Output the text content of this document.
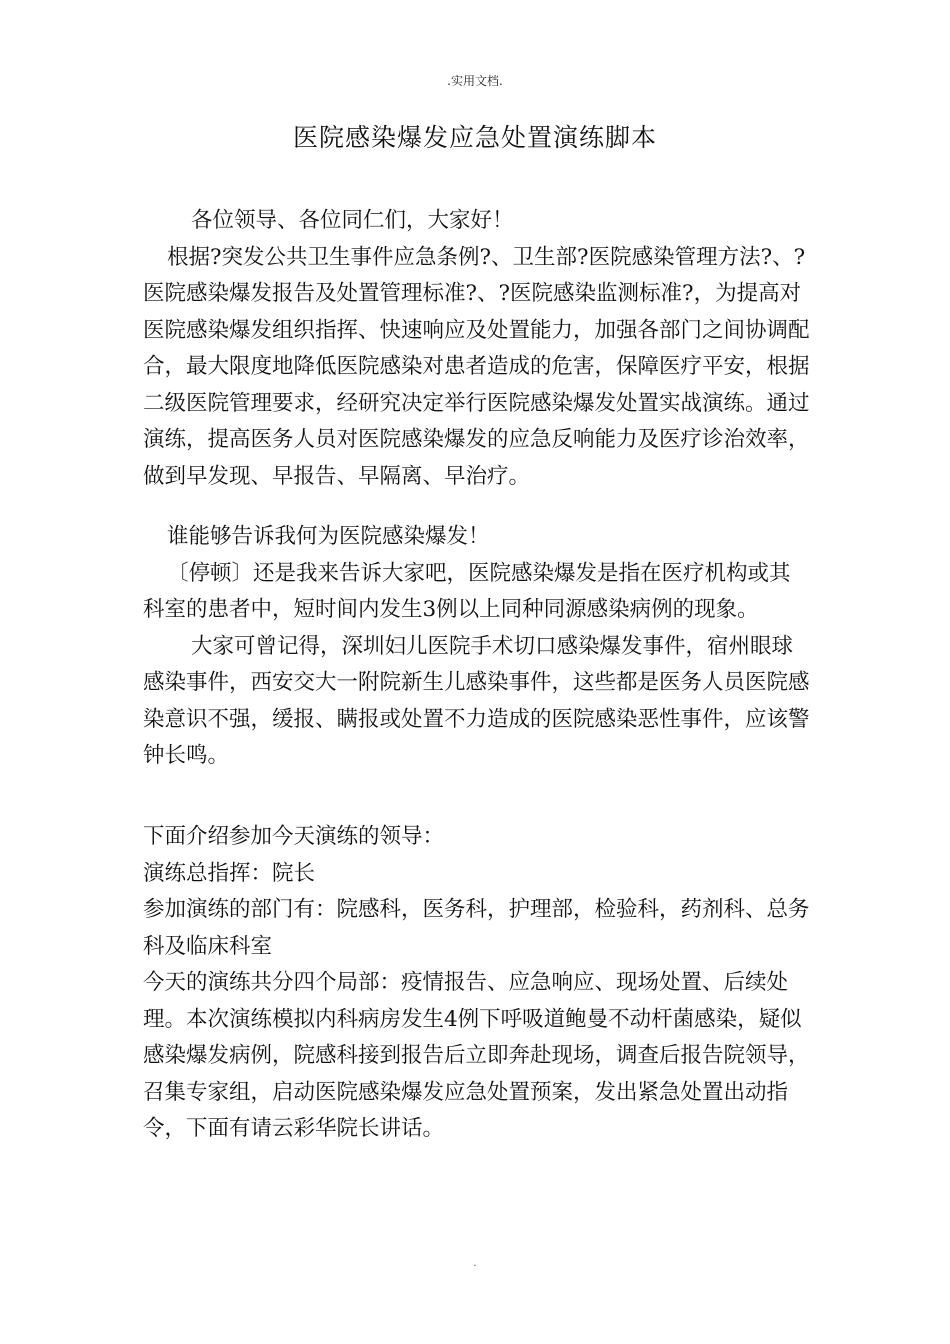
.实用文档.
医院感染爆发应急处置演练脚本

各位领导、各位同仁们，大家好！

根据?突发公共卫生事件应急条例?、卫生部?医院感染管理方法?、?医院感染爆发报告及处置管理标准?、?医院感染监测标准?，为提高对医院感染爆发组织指挥、快速响应及处置能力，加强各部门之间协调配合，最大限度地降低医院感染对患者造成的危害，保障医疗平安，根据二级医院管理要求，经研究决定举行医院感染爆发处置实战演练。通过演练，提高医务人员对医院感染爆发的应急反响能力及医疗诊治效率，做到早发现、早报告、早隔离、早治疗。

谁能够告诉我何为医院感染爆发！

〔停顿〕还是我来告诉大家吧，医院感染爆发是指在医疗机构或其科室的患者中，短时间内发生3例以上同种同源感染病例的现象。

大家可曾记得，深圳妇儿医院手术切口感染爆发事件，宿州眼球感染事件，西安交大一附院新生儿感染事件，这些都是医务人员医院感染意识不强，缓报、瞒报或处置不力造成的医院感染恶性事件，应该警钟长鸣。

下面介绍参加今天演练的领导：

演练总指挥：院长

参加演练的部门有：院感科，医务科，护理部，检验科，药剂科、总务科及临床科室

今天的演练共分四个局部：疫情报告、应急响应、现场处置、后续处理。本次演练模拟内科病房发生4例下呼吸道鲍曼不动杆菌感染，疑似感染爆发病例，院感科接到报告后立即奔赴现场，调查后报告院领导，召集专家组，启动医院感染爆发应急处置预案，发出紧急处置出动指令，下面有请云彩华院长讲话。

.
